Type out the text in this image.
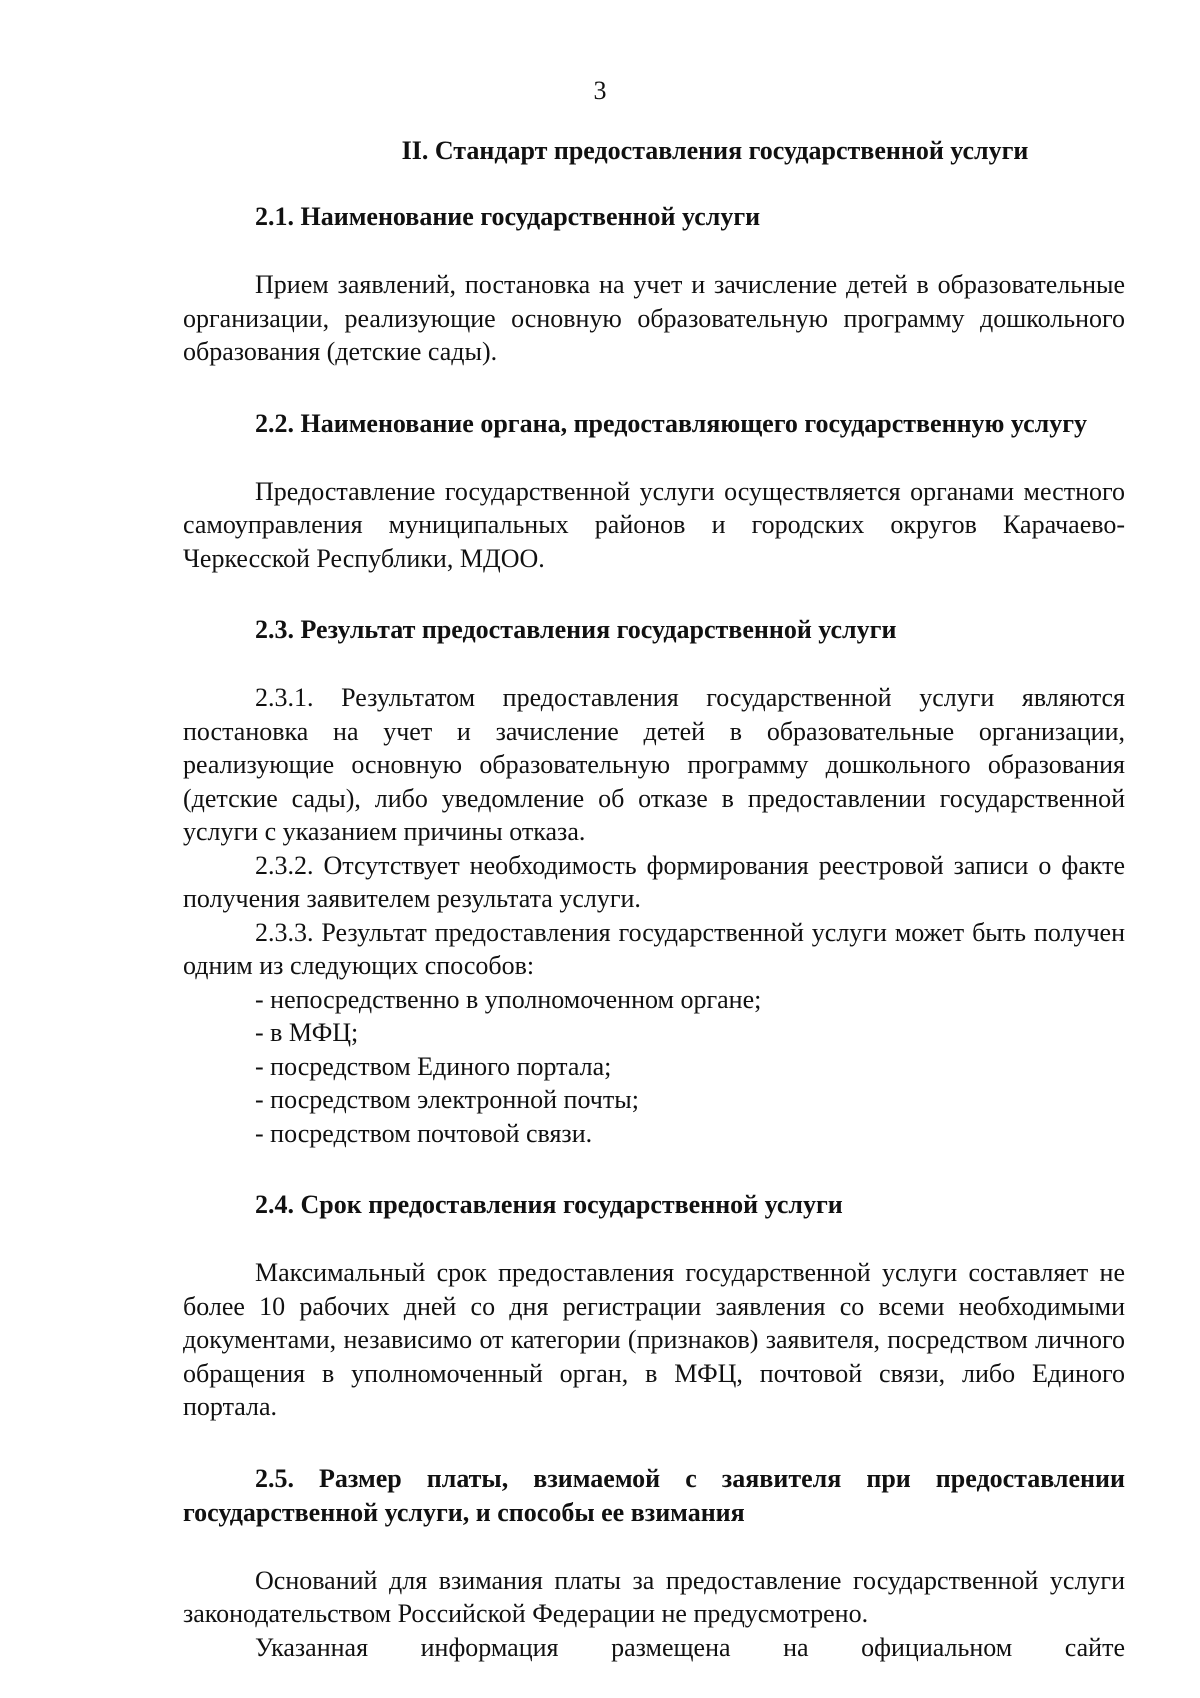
3
II. Стандарт предоставления государственной услуги
2.1. Наименование государственной услуги
Прием заявлений, постановка на учет и зачисление детей в образовательные организации, реализующие основную образовательную программу дошкольного образования (детские сады).
2.2. Наименование органа, предоставляющего государственную услугу
Предоставление государственной услуги осуществляется органами местного самоуправления муниципальных районов и городских округов Карачаево-Черкесской Республики, МДОО.
2.3. Результат предоставления государственной услуги
2.3.1. Результатом предоставления государственной услуги являются постановка на учет и зачисление детей в образовательные организации, реализующие основную образовательную программу дошкольного образования (детские сады), либо уведомление об отказе в предоставлении государственной услуги с указанием причины отказа.
2.3.2. Отсутствует необходимость формирования реестровой записи о факте получения заявителем результата услуги.
2.3.3. Результат предоставления государственной услуги может быть получен одним из следующих способов:
- непосредственно в уполномоченном органе;
- в МФЦ;
- посредством Единого портала;
- посредством электронной почты;
- посредством почтовой связи.
2.4. Срок предоставления государственной услуги
Максимальный срок предоставления государственной услуги составляет не более 10 рабочих дней со дня регистрации заявления со всеми необходимыми документами, независимо от категории (признаков) заявителя, посредством личного обращения в уполномоченный орган, в МФЦ, почтовой связи, либо Единого портала.
2.5. Размер платы, взимаемой с заявителя при предоставлении государственной услуги, и способы ее взимания
Оснований для взимания платы за предоставление государственной услуги законодательством Российской Федерации не предусмотрено.
Указанная информация размещена на официальном сайте
